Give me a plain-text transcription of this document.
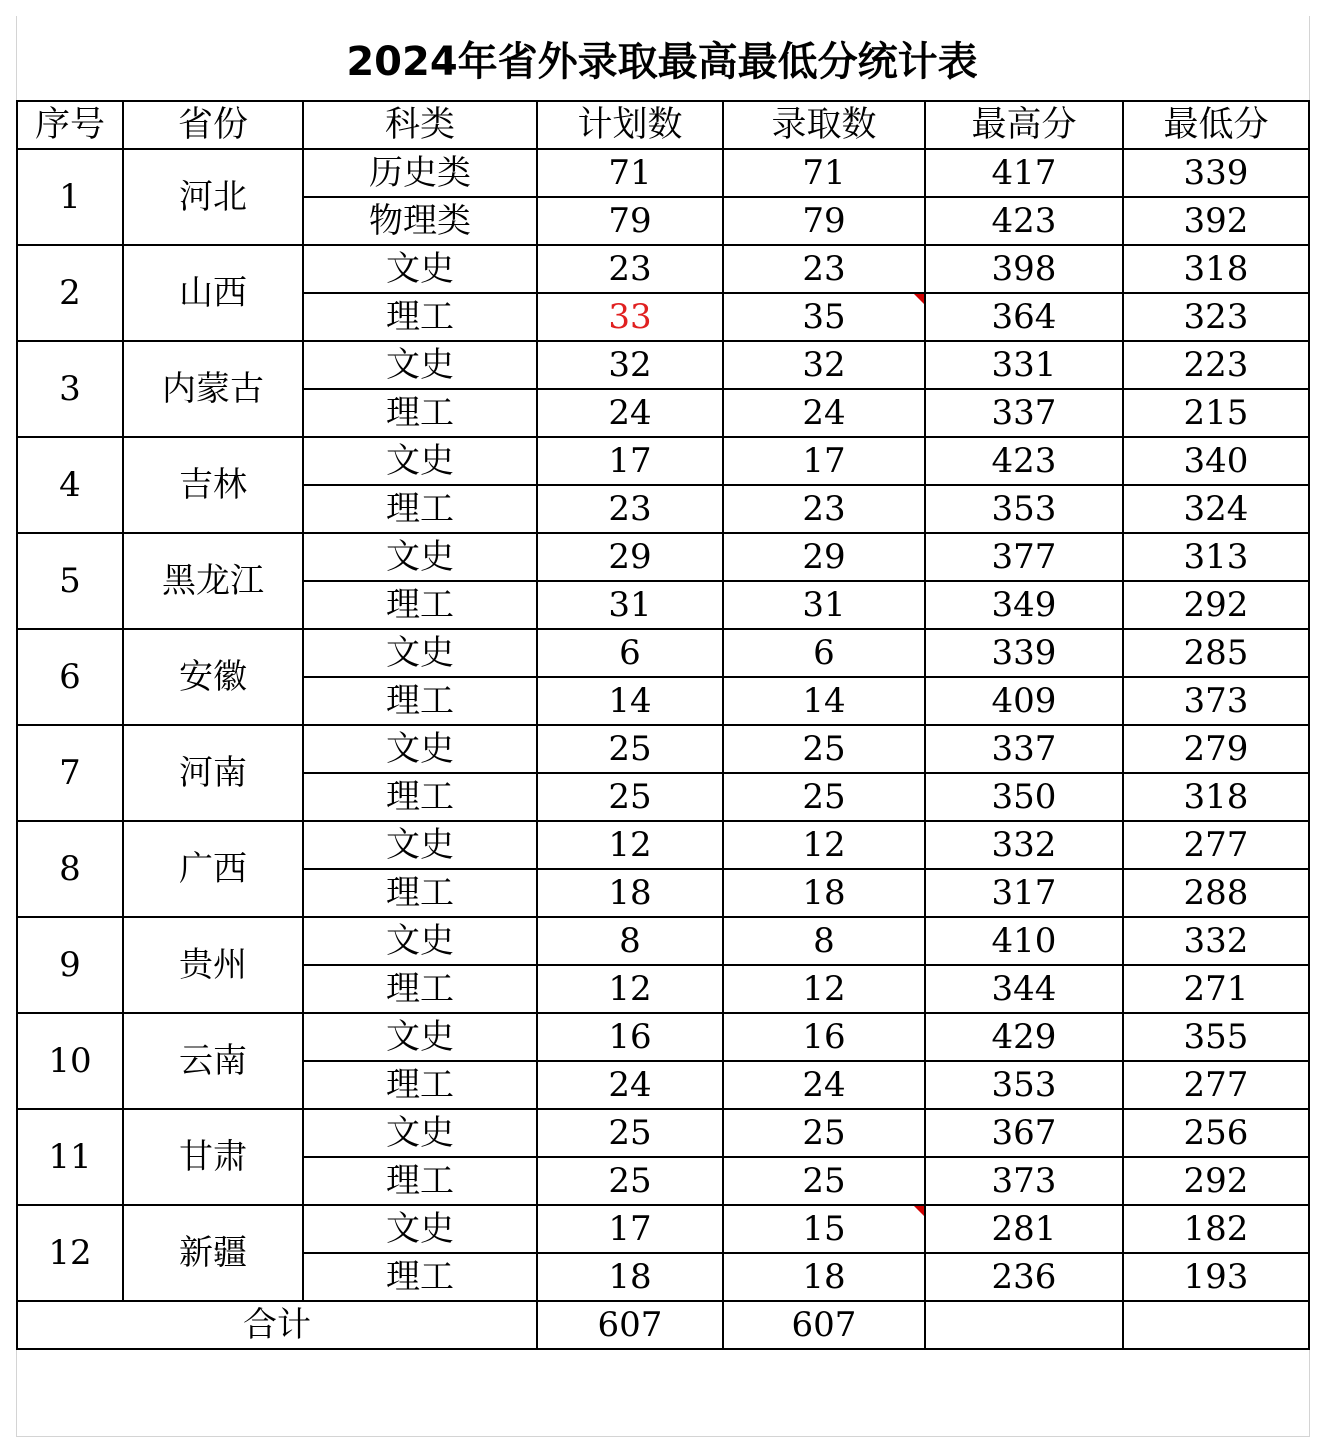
2024年省外录取最高最低分统计表
序号	省份	科类	计划数	录取数	最高分	最低分
1	河北	历史类	71	71	417	339
		物理类	79	79	423	392
2	山西	文史	23	23	398	318
		理工	33	35	364	323
3	内蒙古	文史	32	32	331	223
		理工	24	24	337	215
4	吉林	文史	17	17	423	340
		理工	23	23	353	324
5	黑龙江	文史	29	29	377	313
		理工	31	31	349	292
6	安徽	文史	6	6	339	285
		理工	14	14	409	373
7	河南	文史	25	25	337	279
		理工	25	25	350	318
8	广西	文史	12	12	332	277
		理工	18	18	317	288
9	贵州	文史	8	8	410	332
		理工	12	12	344	271
10	云南	文史	16	16	429	355
		理工	24	24	353	277
11	甘肃	文史	25	25	367	256
		理工	25	25	373	292
12	新疆	文史	17	15	281	182
		理工	18	18	236	193
合计			607	607		
